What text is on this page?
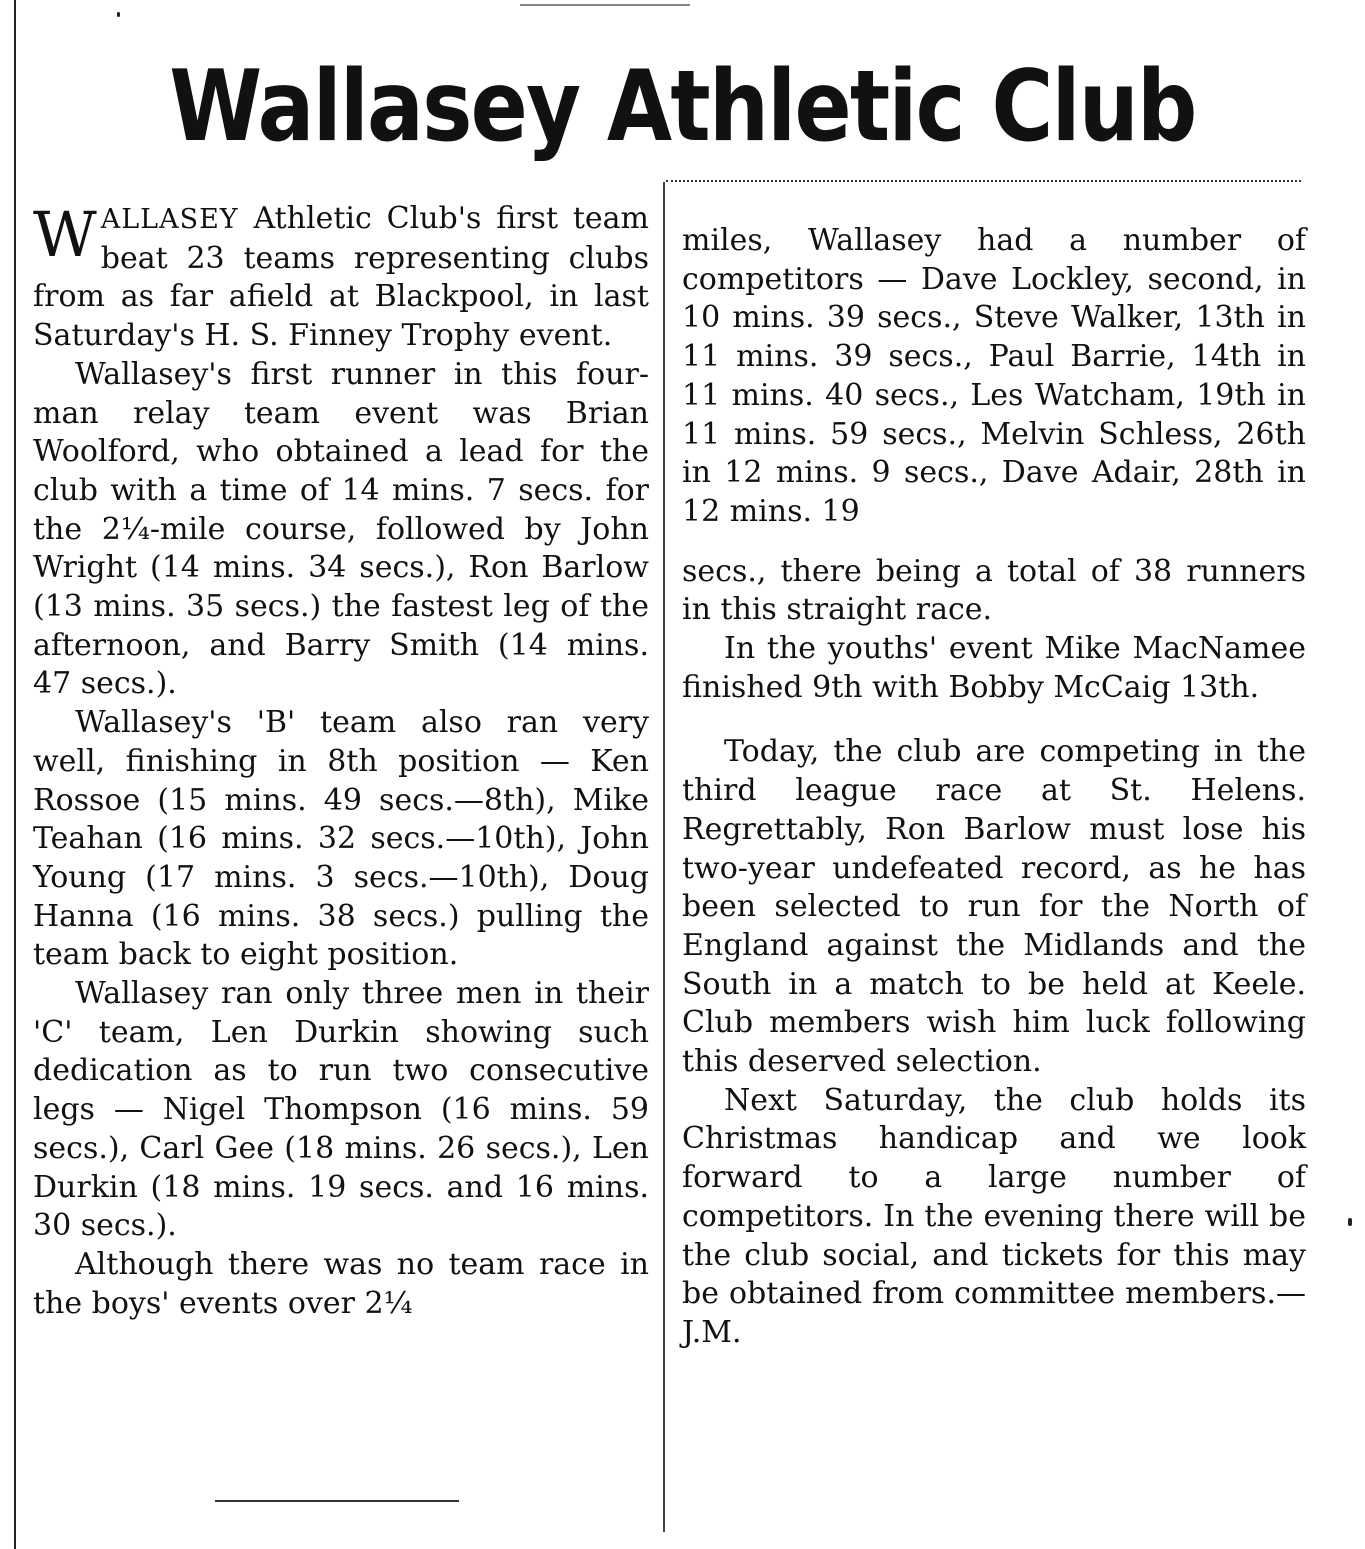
Wallasey Athletic Club

WALLASEY Athletic Club's first team beat 23 teams representing clubs from as far afield at Blackpool, in last Saturday's H. S. Finney Trophy event.

Wallasey's first runner in this four-man relay team event was Brian Woolford, who obtained a lead for the club with a time of 14 mins. 7 secs. for the 2¼-mile course, followed by John Wright (14 mins. 34 secs.), Ron Barlow (13 mins. 35 secs.) the fastest leg of the afternoon, and Barry Smith (14 mins. 47 secs.).

Wallasey's 'B' team also ran very well, finishing in 8th position — Ken Rossoe (15 mins. 49 secs.—8th), Mike Teahan (16 mins. 32 secs.—10th), John Young (17 mins. 3 secs.—10th), Doug Hanna (16 mins. 38 secs.) pulling the team back to eight position.

Wallasey ran only three men in their 'C' team, Len Durkin showing such dedication as to run two consecutive legs — Nigel Thompson (16 mins. 59 secs.), Carl Gee (18 mins. 26 secs.), Len Durkin (18 mins. 19 secs. and 16 mins. 30 secs.).

Although there was no team race in the boys' events over 2¼

miles, Wallasey had a number of competitors — Dave Lockley, second, in 10 mins. 39 secs., Steve Walker, 13th in 11 mins. 39 secs., Paul Barrie, 14th in 11 mins. 40 secs., Les Watcham, 19th in 11 mins. 59 secs., Melvin Schless, 26th in 12 mins. 9 secs., Dave Adair, 28th in 12 mins. 19

secs., there being a total of 38 runners in this straight race.

In the youths' event Mike MacNamee finished 9th with Bobby McCaig 13th.

Today, the club are competing in the third league race at St. Helens. Regrettably, Ron Barlow must lose his two-year undefeated record, as he has been selected to run for the North of England against the Midlands and the South in a match to be held at Keele. Club members wish him luck following this deserved selection.

Next Saturday, the club holds its Christmas handicap and we look forward to a large number of competitors. In the evening there will be the club social, and tickets for this may be obtained from committee members.—J.M.
